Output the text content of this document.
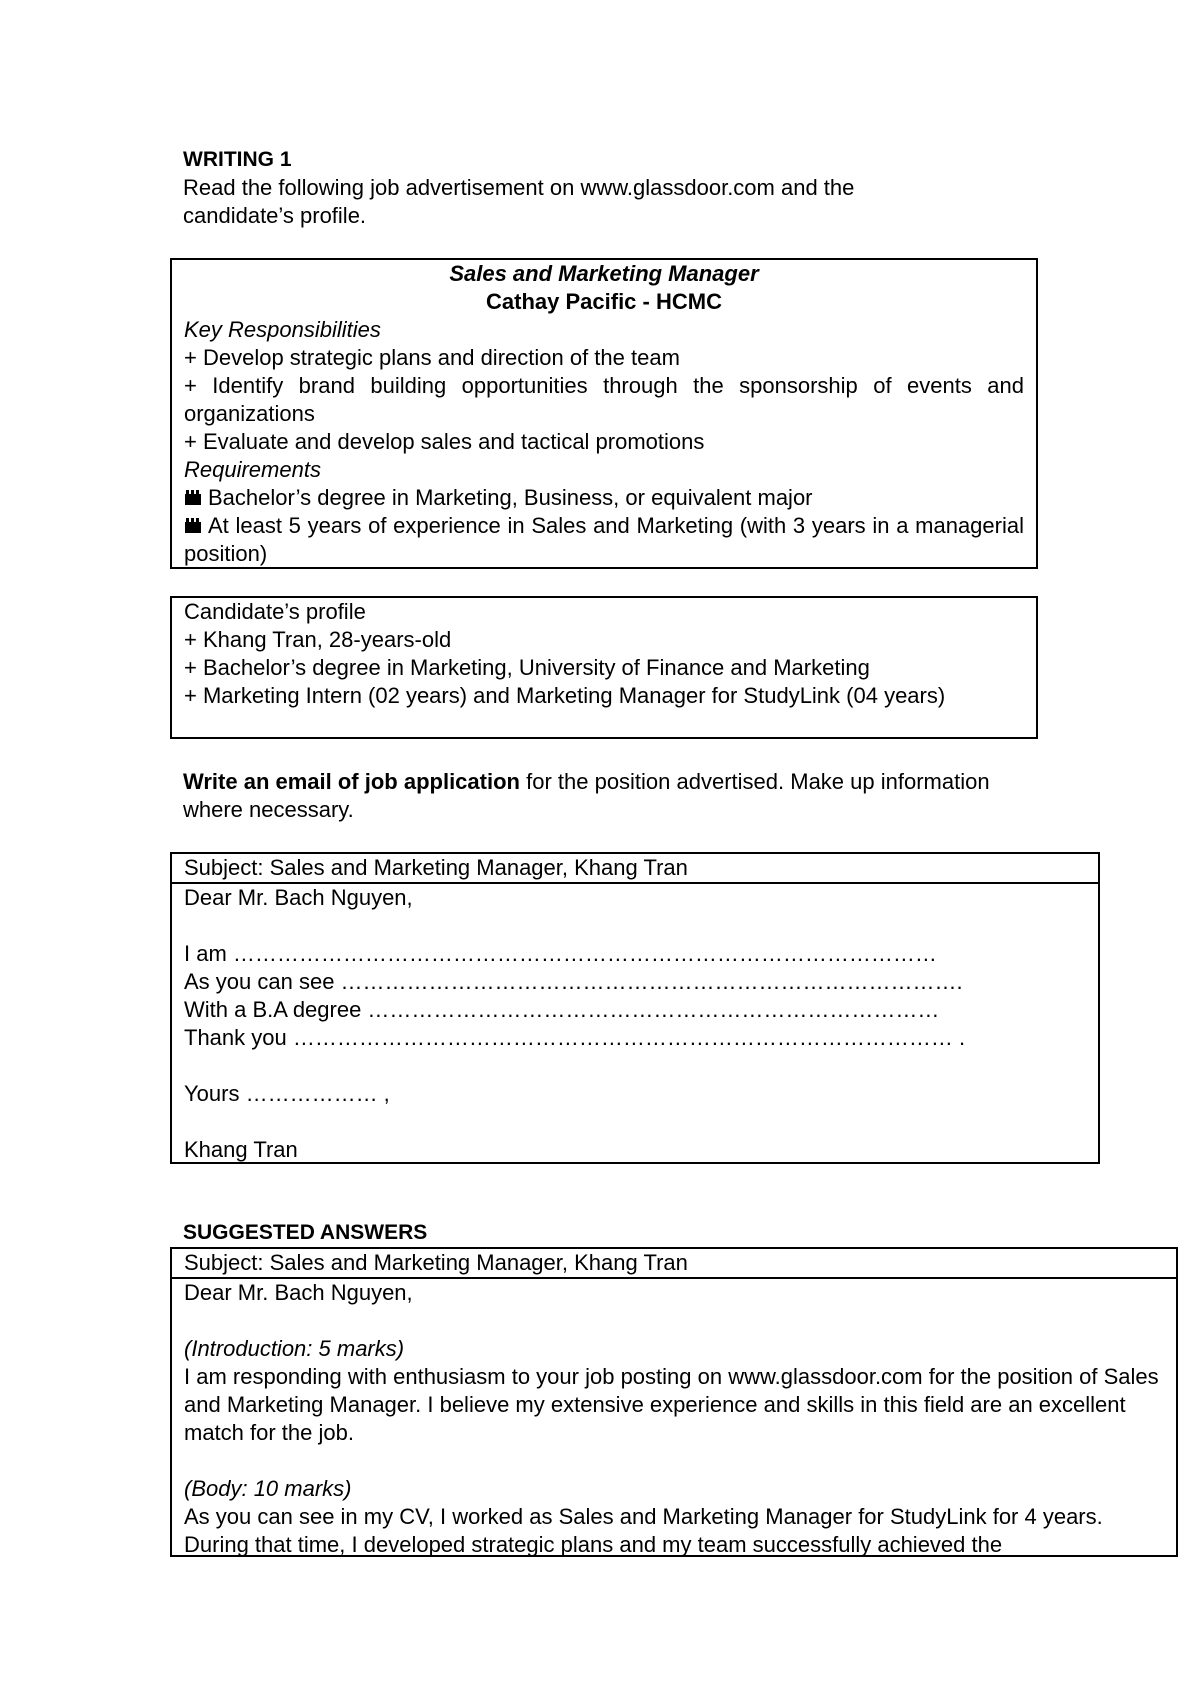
WRITING 1
Read the following job advertisement on www.glassdoor.com and the candidate’s profile.
Sales and Marketing Manager
Cathay Pacific - HCMC
Key Responsibilities
+ Develop strategic plans and direction of the team
+ Identify brand building opportunities through the sponsorship of events and organizations
+ Evaluate and develop sales and tactical promotions
Requirements
Bachelor’s degree in Marketing, Business, or equivalent major
At least 5 years of experience in Sales and Marketing (with 3 years in a managerial position)
Candidate’s profile
+ Khang Tran, 28-years-old
+ Bachelor’s degree in Marketing, University of Finance and Marketing
+ Marketing Intern (02 years) and Marketing Manager for StudyLink (04 years)
Write an email of job application for the position advertised. Make up information where necessary.
Subject: Sales and Marketing Manager, Khang Tran
Dear Mr. Bach Nguyen,
I am ……………………………………………………………………………………
As you can see ………………………………………………………………………….
With a B.A degree ……………………………………………………………………
Thank you ……………………………………………………………………………… .
Yours ……………… ,
Khang Tran
SUGGESTED ANSWERS
Subject: Sales and Marketing Manager, Khang Tran
Dear Mr. Bach Nguyen,
(Introduction: 5 marks)
I am responding with enthusiasm to your job posting on www.glassdoor.com for the position of Sales and Marketing Manager. I believe my extensive experience and skills in this field are an excellent match for the job.
(Body: 10 marks)
As you can see in my CV, I worked as Sales and Marketing Manager for StudyLink for 4 years. During that time, I developed strategic plans and my team successfully achieved the
